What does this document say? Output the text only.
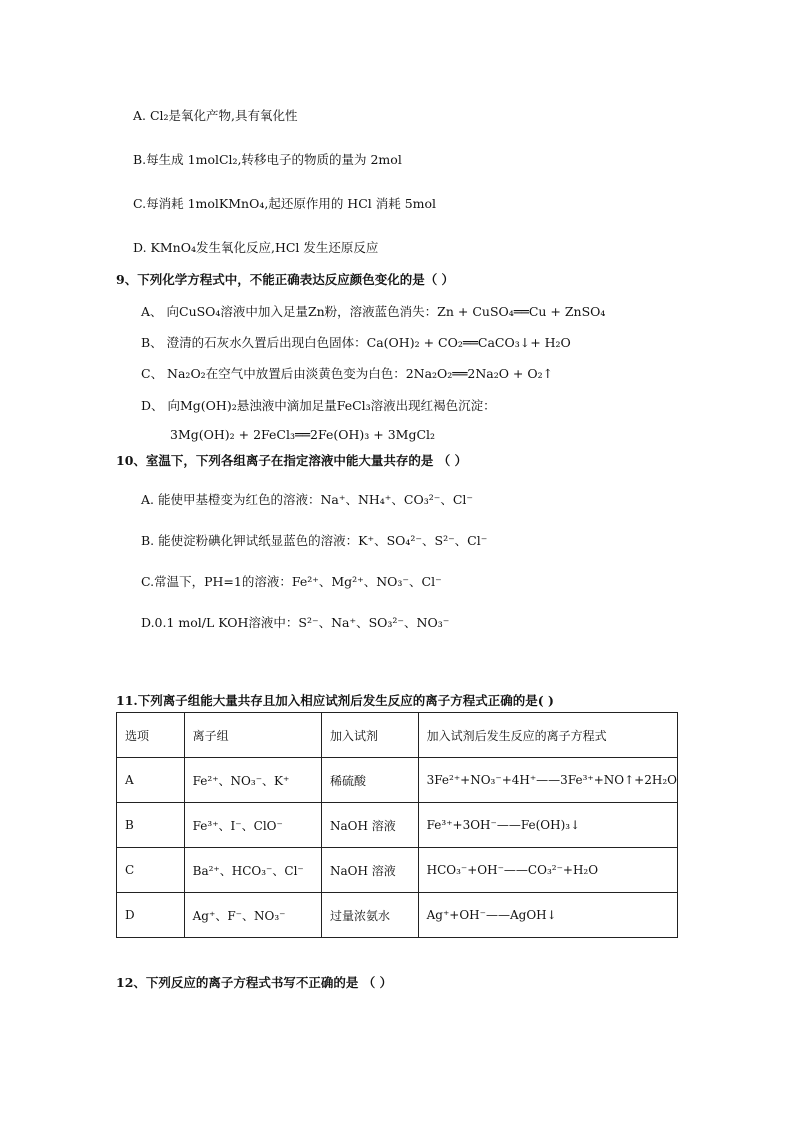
A. Cl₂是氧化产物,具有氧化性
B.每生成 1molCl₂,转移电子的物质的量为 2mol
C.每消耗 1molKMnO₄,起还原作用的 HCl 消耗 5mol
D. KMnO₄发生氧化反应,HCl 发生还原反应
9、下列化学方程式中，不能正确表达反应颜色变化的是（ ）
A、 向CuSO₄溶液中加入足量Zn粉，溶液蓝色消失：Zn + CuSO₄══Cu + ZnSO₄
B、 澄清的石灰水久置后出现白色固体：Ca(OH)₂ + CO₂══CaCO₃↓+ H₂O
C、 Na₂O₂在空气中放置后由淡黄色变为白色：2Na₂O₂══2Na₂O + O₂↑
D、 向Mg(OH)₂悬浊液中滴加足量FeCl₃溶液出现红褐色沉淀：
3Mg(OH)₂ + 2FeCl₃══2Fe(OH)₃ + 3MgCl₂
10、室温下，下列各组离子在指定溶液中能大量共存的是 （ ）
A. 能使甲基橙变为红色的溶液：Na⁺、NH₄⁺、CO₃²⁻、Cl⁻
B. 能使淀粉碘化钾试纸显蓝色的溶液：K⁺、SO₄²⁻、S²⁻、Cl⁻
C.常温下，PH=1的溶液：Fe²⁺、Mg²⁺、NO₃⁻、Cl⁻
D.0.1 mol/L KOH溶液中：S²⁻、Na⁺、SO₃²⁻、NO₃⁻
11.下列离子组能大量共存且加入相应试剂后发生反应的离子方程式正确的是( )
选项	离子组	加入试剂	加入试剂后发生反应的离子方程式
A	Fe²⁺、NO₃⁻、K⁺	稀硫酸	3Fe²⁺+NO₃⁻+4H⁺——3Fe³⁺+NO↑+2H₂O
B	Fe³⁺、I⁻、ClO⁻	NaOH 溶液	Fe³⁺+3OH⁻——Fe(OH)₃↓
C	Ba²⁺、HCO₃⁻、Cl⁻	NaOH 溶液	HCO₃⁻+OH⁻——CO₃²⁻+H₂O
D	Ag⁺、F⁻、NO₃⁻	过量浓氨水	Ag⁺+OH⁻——AgOH↓
12、下列反应的离子方程式书写不正确的是 （ ）
